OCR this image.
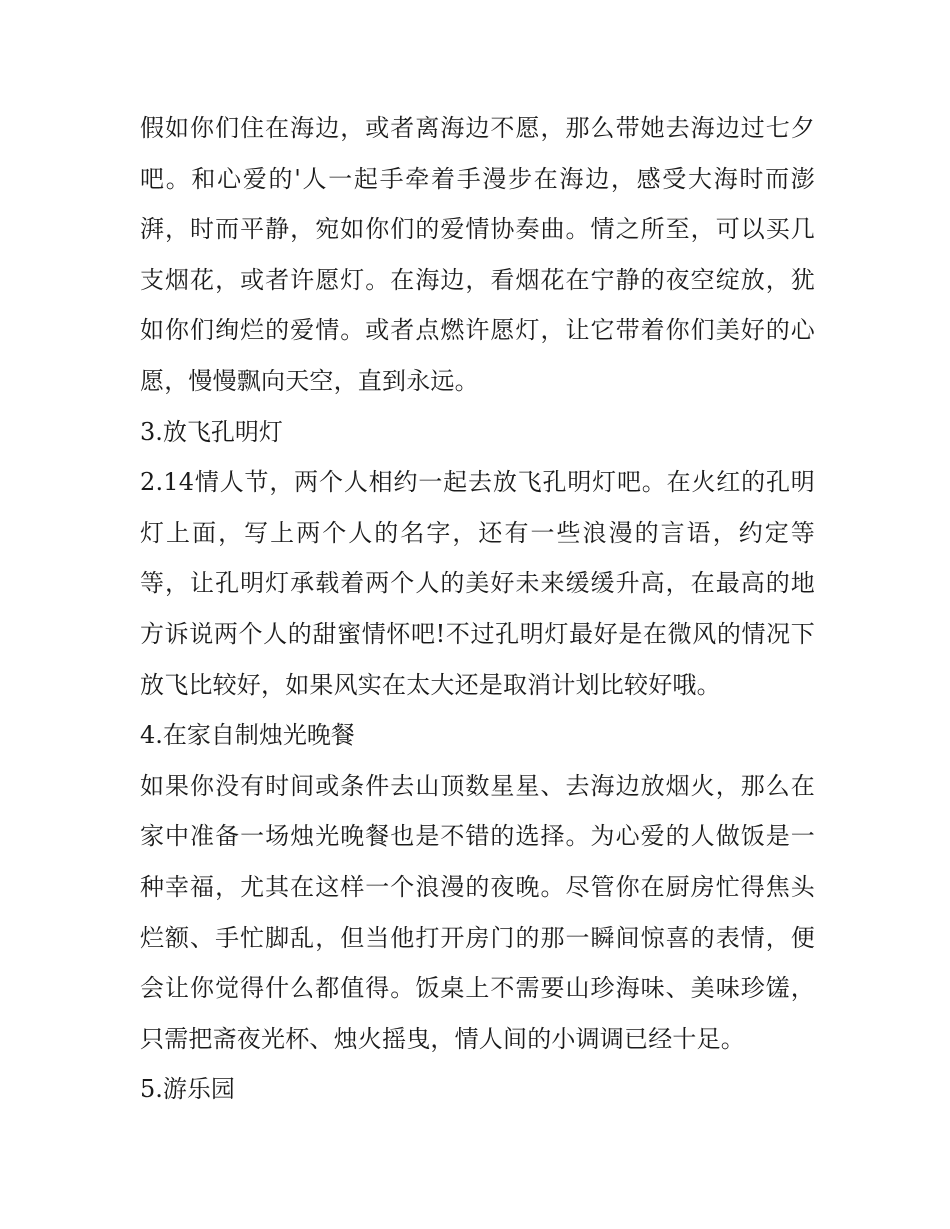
假如你们住在海边，或者离海边不愿，那么带她去海边过七夕吧。和心爱的'人一起手牵着手漫步在海边，感受大海时而澎湃，时而平静，宛如你们的爱情协奏曲。情之所至，可以买几支烟花，或者许愿灯。在海边，看烟花在宁静的夜空绽放，犹如你们绚烂的爱情。或者点燃许愿灯，让它带着你们美好的心愿，慢慢飘向天空，直到永远。

3.放飞孔明灯

2.14情人节，两个人相约一起去放飞孔明灯吧。在火红的孔明灯上面，写上两个人的名字，还有一些浪漫的言语，约定等等，让孔明灯承载着两个人的美好未来缓缓升高，在最高的地方诉说两个人的甜蜜情怀吧!不过孔明灯最好是在微风的情况下放飞比较好，如果风实在太大还是取消计划比较好哦。

4.在家自制烛光晚餐

如果你没有时间或条件去山顶数星星、去海边放烟火，那么在家中准备一场烛光晚餐也是不错的选择。为心爱的人做饭是一种幸福，尤其在这样一个浪漫的夜晚。尽管你在厨房忙得焦头烂额、手忙脚乱，但当他打开房门的那一瞬间惊喜的表情，便会让你觉得什么都值得。饭桌上不需要山珍海味、美味珍馐，只需把斋夜光杯、烛火摇曳，情人间的小调调已经十足。

5.游乐园
